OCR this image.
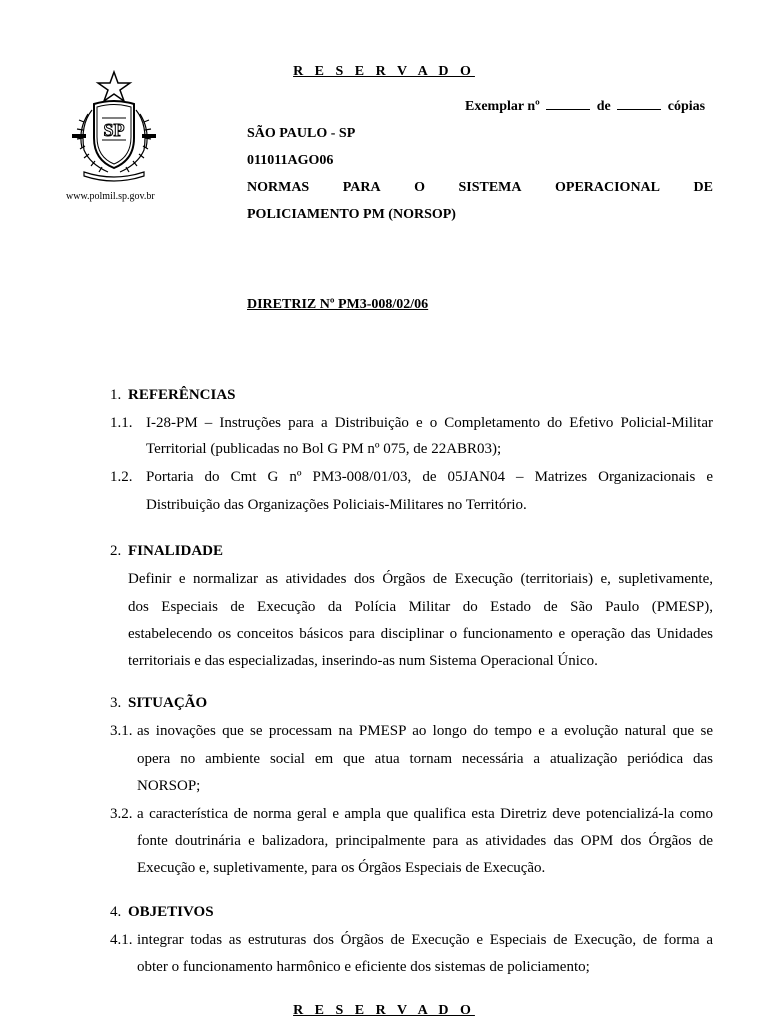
R E S E R V A D O
SP
www.polmil.sp.gov.br
Exemplar nº	de	cópias
SÃO PAULO - SP
011011AGO06
NORMAS PARA O SISTEMA OPERACIONAL DE
POLICIAMENTO PM (NORSOP)
DIRETRIZ Nº PM3-008/02/06
1. REFERÊNCIAS
1.1. I-28-PM – Instruções para a Distribuição e o Completamento do Efetivo Policial-Militar
Territorial (publicadas no Bol G PM nº 075, de 22ABR03);
1.2. Portaria do Cmt G nº PM3-008/01/03, de 05JAN04 – Matrizes Organizacionais e
Distribuição das Organizações Policiais-Militares no Território.
2. FINALIDADE
Definir e normalizar as atividades dos Órgãos de Execução (territoriais) e, supletivamente,
dos Especiais de Execução da Polícia Militar do Estado de São Paulo (PMESP),
estabelecendo os conceitos básicos para disciplinar o funcionamento e operação das Unidades
territoriais e das especializadas, inserindo-as num Sistema Operacional Único.
3. SITUAÇÃO
3.1. as inovações que se processam na PMESP ao longo do tempo e a evolução natural que se
opera no ambiente social em que atua tornam necessária a atualização periódica das
NORSOP;
3.2. a característica de norma geral e ampla que qualifica esta Diretriz deve potencializá-la como
fonte doutrinária e balizadora, principalmente para as atividades das OPM dos Órgãos de
Execução e, supletivamente, para os Órgãos Especiais de Execução.
4. OBJETIVOS
4.1. integrar todas as estruturas dos Órgãos de Execução e Especiais de Execução, de forma a
obter o funcionamento harmônico e eficiente dos sistemas de policiamento;
R E S E R V A D O
